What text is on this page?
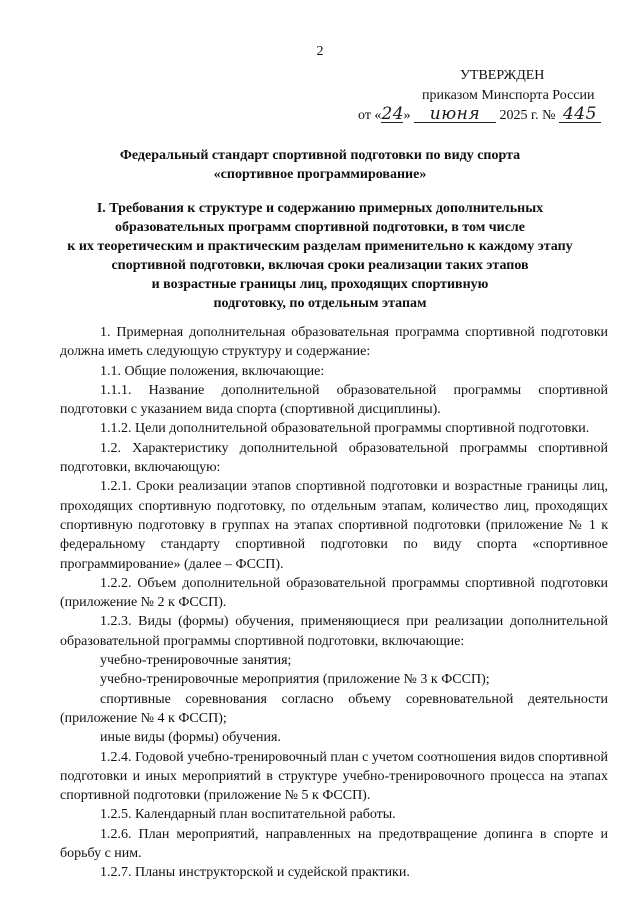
2
УТВЕРЖДЕН
приказом Минспорта России
от «24» июня 2025 г. № 445
Федеральный стандарт спортивной подготовки по виду спорта
«спортивное программирование»
I. Требования к структуре и содержанию примерных дополнительных
образовательных программ спортивной подготовки, в том числе
к их теоретическим и практическим разделам применительно к каждому этапу
спортивной подготовки, включая сроки реализации таких этапов
и возрастные границы лиц, проходящих спортивную
подготовку, по отдельным этапам

1. Примерная дополнительная образовательная программа спортивной подготовки должна иметь следующую структуру и содержание:

1.1. Общие положения, включающие:

1.1.1. Название дополнительной образовательной программы спортивной подготовки с указанием вида спорта (спортивной дисциплины).

1.1.2. Цели дополнительной образовательной программы спортивной подготовки.

1.2. Характеристику дополнительной образовательной программы спортивной подготовки, включающую:

1.2.1. Сроки реализации этапов спортивной подготовки и возрастные границы лиц, проходящих спортивную подготовку, по отдельным этапам, количество лиц, проходящих спортивную подготовку в группах на этапах спортивной подготовки (приложение № 1 к федеральному стандарту спортивной подготовки по виду спорта «спортивное программирование» (далее – ФССП).

1.2.2. Объем дополнительной образовательной программы спортивной подготовки (приложение № 2 к ФССП).

1.2.3. Виды (формы) обучения, применяющиеся при реализации дополнительной образовательной программы спортивной подготовки, включающие:

учебно-тренировочные занятия;

учебно-тренировочные мероприятия (приложение № 3 к ФССП);

спортивные соревнования согласно объему соревновательной деятельности (приложение № 4 к ФССП);

иные виды (формы) обучения.

1.2.4. Годовой учебно-тренировочный план с учетом соотношения видов спортивной подготовки и иных мероприятий в структуре учебно-тренировочного процесса на этапах спортивной подготовки (приложение № 5 к ФССП).

1.2.5. Календарный план воспитательной работы.

1.2.6. План мероприятий, направленных на предотвращение допинга в спорте и борьбу с ним.

1.2.7. Планы инструкторской и судейской практики.
